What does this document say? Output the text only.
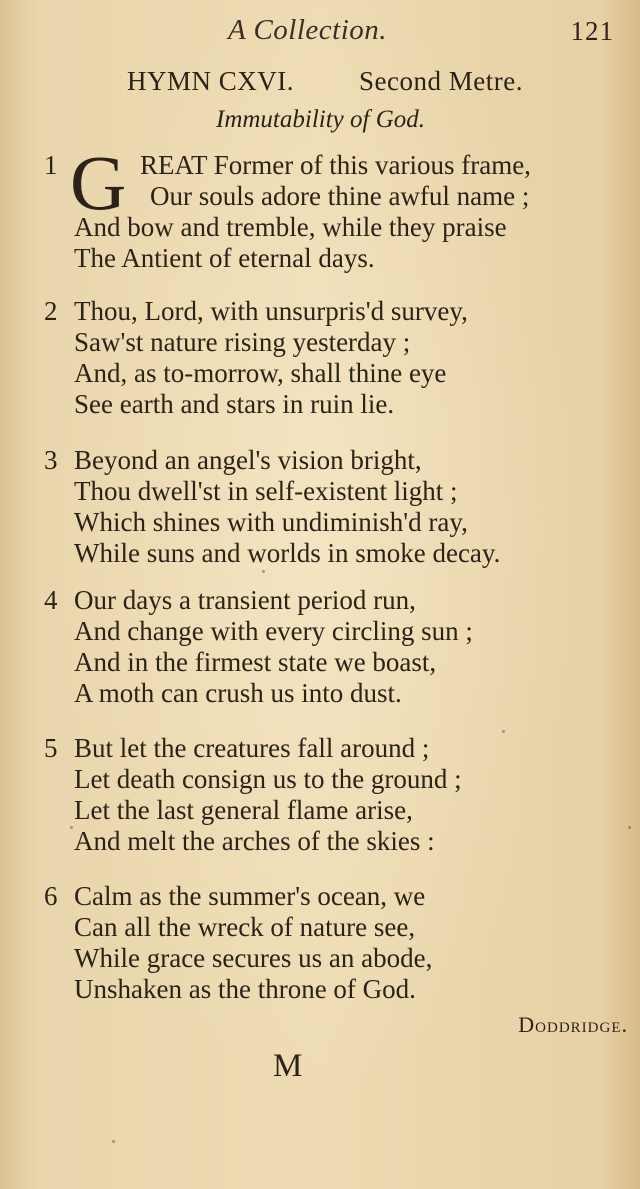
A Collection.	121
HYMN CXVI. Second Metre.
Immutability of God.
1 G REAT Former of this various frame,
Our souls adore thine awful name ;
And bow and tremble, while they praise
The Antient of eternal days.
2 Thou, Lord, with unsurpris'd survey,
Saw'st nature rising yesterday ;
And, as to-morrow, shall thine eye
See earth and stars in ruin lie.
3 Beyond an angel's vision bright,
Thou dwell'st in self-existent light ;
Which shines with undiminish'd ray,
While suns and worlds in smoke decay.
4 Our days a transient period run,
And change with every circling sun ;
And in the firmest state we boast,
A moth can crush us into dust.
5 But let the creatures fall around ;
Let death consign us to the ground ;
Let the last general flame arise,
And melt the arches of the skies :
6 Calm as the summer's ocean, we
Can all the wreck of nature see,
While grace secures us an abode,
Unshaken as the throne of God.
Doddridge.
M
